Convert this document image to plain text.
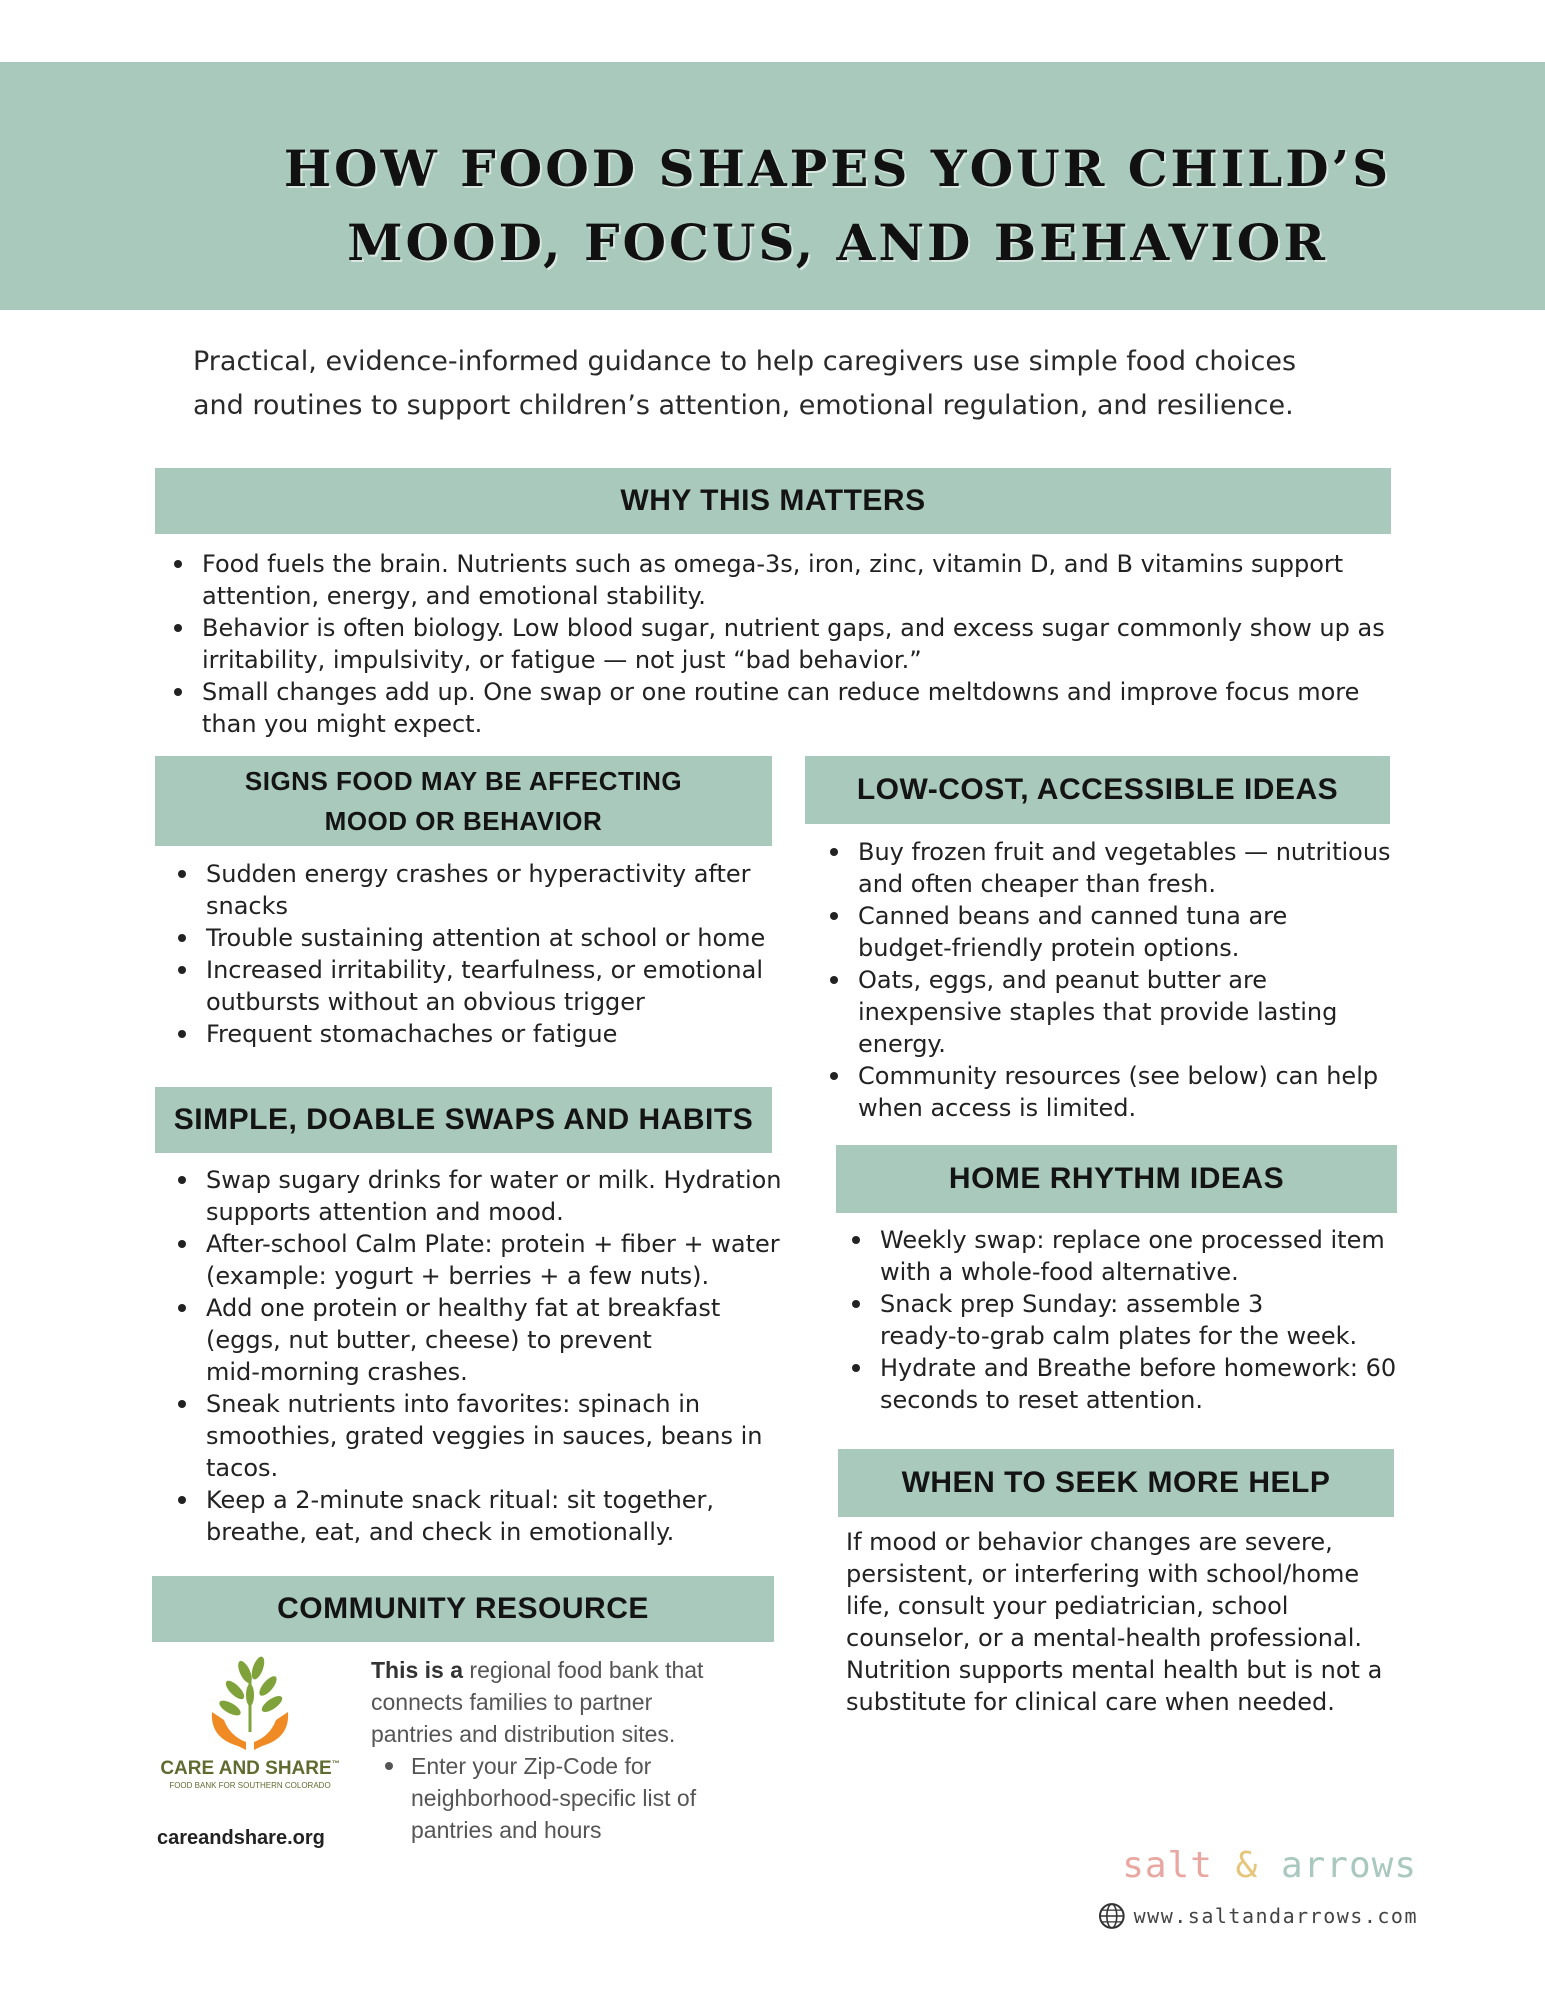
HOW FOOD SHAPES YOUR CHILD’S
MOOD, FOCUS, AND BEHAVIOR

Practical, evidence-informed guidance to help caregivers use simple food choices
and routines to support children’s attention, emotional regulation, and resilience.

WHY THIS MATTERS
Food fuels the brain. Nutrients such as omega-3s, iron, zinc, vitamin D, and B vitamins support
attention, energy, and emotional stability.
Behavior is often biology. Low blood sugar, nutrient gaps, and excess sugar commonly show up as
irritability, impulsivity, or fatigue — not just “bad behavior.”
Small changes add up. One swap or one routine can reduce meltdowns and improve focus more
than you might expect.
SIGNS FOOD MAY BE AFFECTING
MOOD OR BEHAVIOR
Sudden energy crashes or hyperactivity after
snacks
Trouble sustaining attention at school or home
Increased irritability, tearfulness, or emotional
outbursts without an obvious trigger
Frequent stomachaches or fatigue
SIMPLE, DOABLE SWAPS AND HABITS
Swap sugary drinks for water or milk. Hydration
supports attention and mood.
After-school Calm Plate: protein + fiber + water
(example: yogurt + berries + a few nuts).
Add one protein or healthy fat at breakfast
(eggs, nut butter, cheese) to prevent
mid-morning crashes.
Sneak nutrients into favorites: spinach in
smoothies, grated veggies in sauces, beans in
tacos.
Keep a 2-minute snack ritual: sit together,
breathe, eat, and check in emotionally.
COMMUNITY RESOURCE
CARE AND SHARE™
FOOD BANK FOR SOUTHERN COLORADO

This is a regional food bank that
connects families to partner
pantries and distribution sites.

Enter your Zip-Code for
neighborhood-specific list of
pantries and hours

careandshare.org

LOW-COST, ACCESSIBLE IDEAS
Buy frozen fruit and vegetables — nutritious
and often cheaper than fresh.
Canned beans and canned tuna are
budget-friendly protein options.
Oats, eggs, and peanut butter are
inexpensive staples that provide lasting
energy.
Community resources (see below) can help
when access is limited.
HOME RHYTHM IDEAS
Weekly swap: replace one processed item
with a whole-food alternative.
Snack prep Sunday: assemble 3
ready-to-grab calm plates for the week.
Hydrate and Breathe before homework: 60
seconds to reset attention.
WHEN TO SEEK MORE HELP

If mood or behavior changes are severe,
persistent, or interfering with school/home
life, consult your pediatrician, school
counselor, or a mental-health professional.
Nutrition supports mental health but is not a
substitute for clinical care when needed.

salt & arrows

www.saltandarrows.com
